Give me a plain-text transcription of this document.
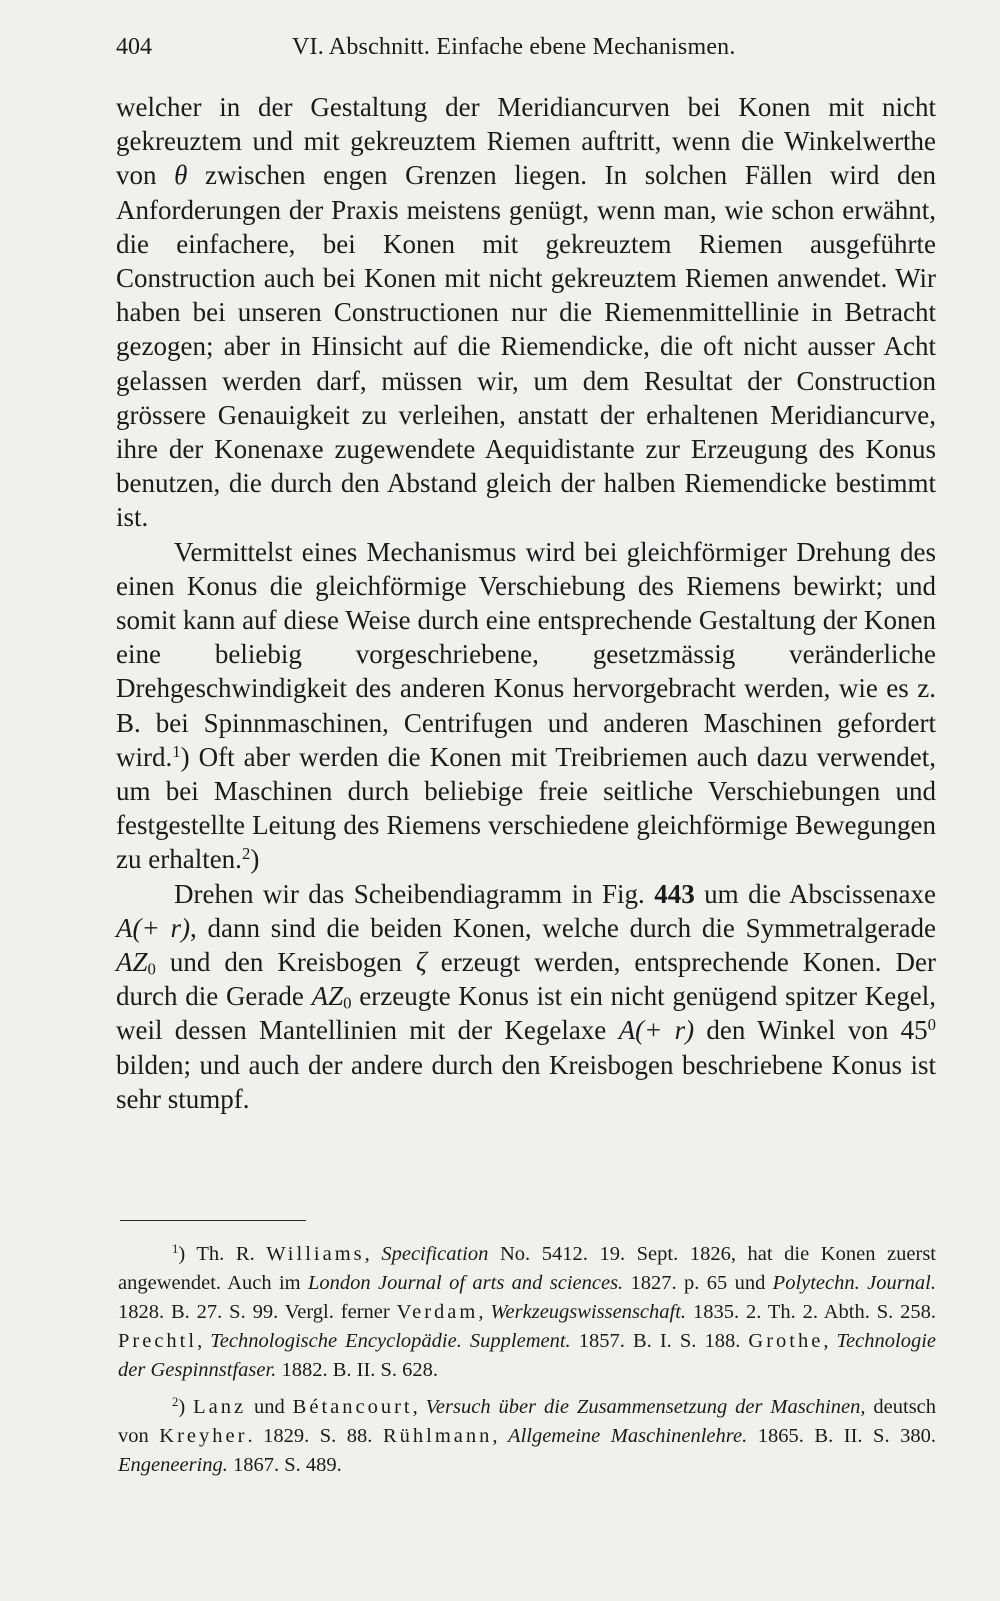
404	VI. Abschnitt. Einfache ebene Mechanismen.

welcher in der Gestaltung der Meridiancurven bei Konen mit nicht gekreuztem und mit gekreuztem Riemen auftritt, wenn die Winkelwerthe von θ zwischen engen Grenzen liegen. In solchen Fällen wird den Anforderungen der Praxis meistens genügt, wenn man, wie schon erwähnt, die einfachere, bei Konen mit gekreuztem Riemen ausgeführte Construction auch bei Konen mit nicht gekreuztem Riemen anwendet. Wir haben bei unseren Constructionen nur die Riemenmittellinie in Betracht gezogen; aber in Hinsicht auf die Riemendicke, die oft nicht ausser Acht gelassen werden darf, müssen wir, um dem Resultat der Construction grössere Genauigkeit zu verleihen, anstatt der erhaltenen Meridiancurve, ihre der Konenaxe zugewendete Aequidistante zur Erzeugung des Konus benutzen, die durch den Abstand gleich der halben Riemendicke bestimmt ist.

Vermittelst eines Mechanismus wird bei gleichförmiger Drehung des einen Konus die gleichförmige Verschiebung des Riemens bewirkt; und somit kann auf diese Weise durch eine entsprechende Gestaltung der Konen eine beliebig vorgeschriebene, gesetzmässig veränderliche Drehgeschwindigkeit des anderen Konus hervorgebracht werden, wie es z. B. bei Spinnmaschinen, Centrifugen und anderen Maschinen gefordert wird.$^1$) Oft aber werden die Konen mit Treibriemen auch dazu verwendet, um bei Maschinen durch beliebige freie seitliche Verschiebungen und festgestellte Leitung des Riemens verschiedene gleichförmige Bewegungen zu erhalten.$^2$)

Drehen wir das Scheibendiagramm in Fig. 443 um die Abscissenaxe A(+ r), dann sind die beiden Konen, welche durch die Symmetralgerade $AZ_0$ und den Kreisbogen ζ erzeugt werden, entsprechende Konen. Der durch die Gerade $AZ_0$ erzeugte Konus ist ein nicht genügend spitzer Kegel, weil dessen Mantellinien mit der Kegelaxe A(+ r) den Winkel von $45^0$ bilden; und auch der andere durch den Kreisbogen beschriebene Konus ist sehr stumpf.

$^1$) Th. R. Williams, Specification No. 5412. 19. Sept. 1826, hat die Konen zuerst angewendet. Auch im London Journal of arts and sciences. 1827. p. 65 und Polytechn. Journal. 1828. B. 27. S. 99. Vergl. ferner Verdam, Werkzeugswissenschaft. 1835. 2. Th. 2. Abth. S. 258. Prechtl, Technologische Encyclopädie. Supplement. 1857. B. I. S. 188. Grothe, Technologie der Gespinnstfaser. 1882. B. II. S. 628.

$^2$) Lanz und Bétancourt, Versuch über die Zusammensetzung der Maschinen, deutsch von Kreyher. 1829. S. 88. Rühlmann, Allgemeine Maschinenlehre. 1865. B. II. S. 380. Engeneering. 1867. S. 489.
